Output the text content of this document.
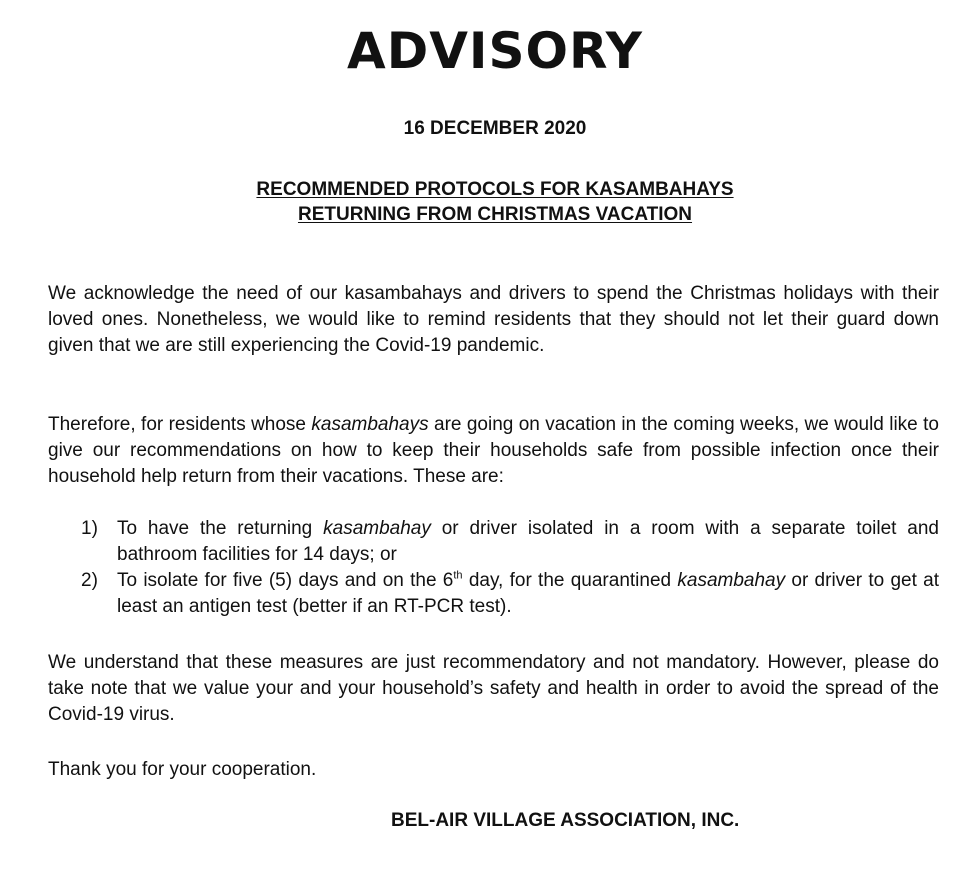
ADVISORY
16 DECEMBER 2020
RECOMMENDED PROTOCOLS FOR KASAMBAHAYS
RETURNING FROM CHRISTMAS VACATION

We acknowledge the need of our kasambahays and drivers to spend the Christmas holidays with their loved ones. Nonetheless, we would like to remind residents that they should not let their guard down given that we are still experiencing the Covid-19 pandemic.

Therefore, for residents whose kasambahays are going on vacation in the coming weeks, we would like to give our recommendations on how to keep their households safe from possible infection once their household help return from their vacations. These are:

1) To have the returning kasambahay or driver isolated in a room with a separate toilet and bathroom facilities for 14 days; or
2) To isolate for five (5) days and on the 6th day, for the quarantined kasambahay or driver to get at least an antigen test (better if an RT-PCR test).

We understand that these measures are just recommendatory and not mandatory. However, please do take note that we value your and your household’s safety and health in order to avoid the spread of the Covid-19 virus.

Thank you for your cooperation.

BEL-AIR VILLAGE ASSOCIATION, INC.
